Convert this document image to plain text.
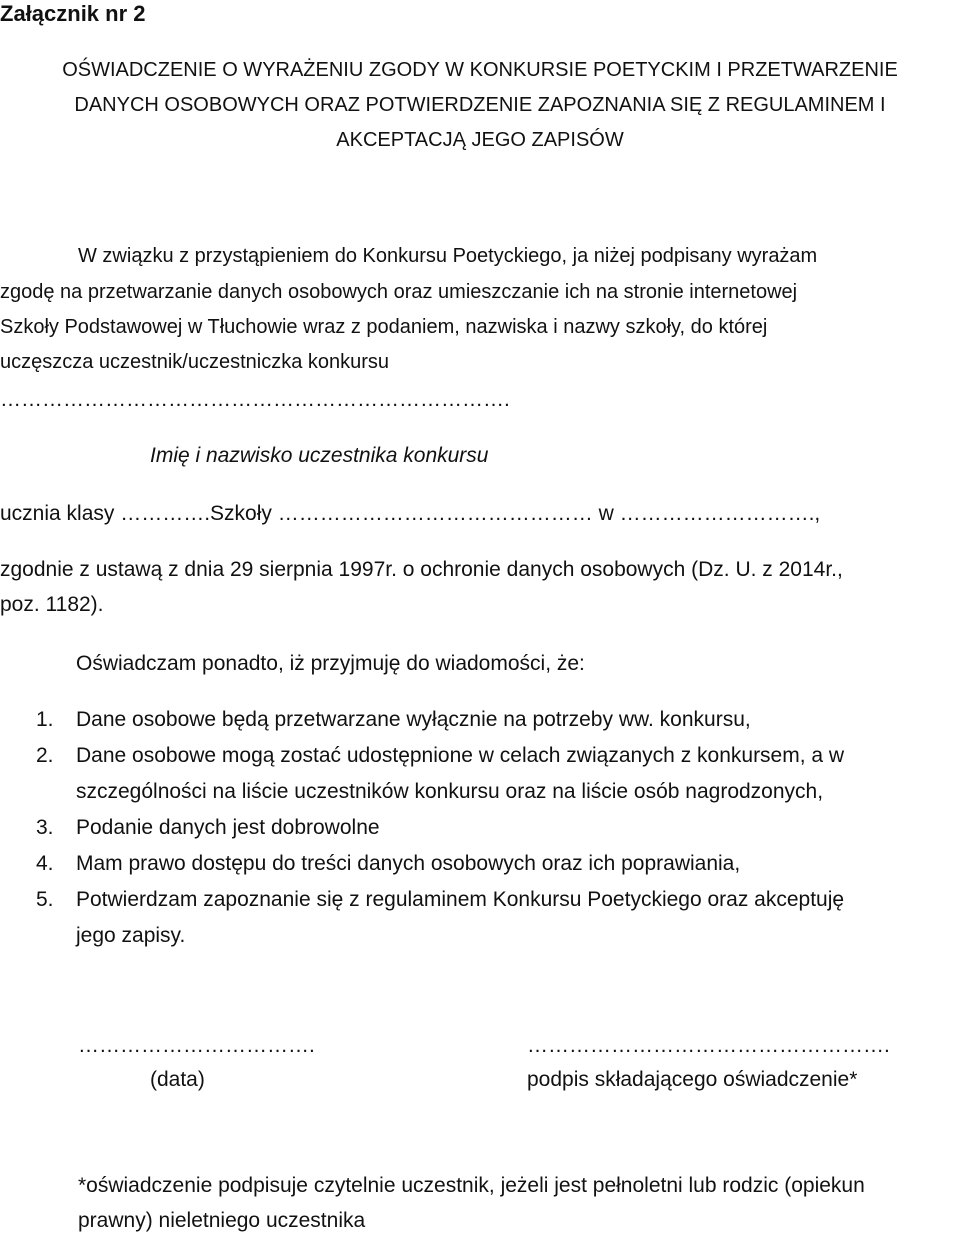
Załącznik nr 2
OŚWIADCZENIE O WYRAŻENIU ZGODY W KONKURSIE POETYCKIM I PRZETWARZENIE
DANYCH OSOBOWYCH ORAZ POTWIERDZENIE ZAPOZNANIA SIĘ Z REGULAMINEM I
AKCEPTACJĄ JEGO ZAPISÓW
W związku z przystąpieniem do Konkursu Poetyckiego, ja niżej podpisany wyrażam
zgodę na przetwarzanie danych osobowych oraz umieszczanie ich na stronie internetowej
Szkoły Podstawowej w Tłuchowie wraz z podaniem, nazwiska i nazwy szkoły, do której
uczęszcza uczestnik/uczestniczka konkursu
……………………………………………………………….
Imię i nazwisko uczestnika konkursu
ucznia klasy ………….Szkoły ……………………………………… w ……………………….,
zgodnie z ustawą z dnia 29 sierpnia 1997r. o ochronie danych osobowych (Dz. U. z 2014r.,
poz. 1182).
Oświadczam ponadto, iż przyjmuję do wiadomości, że:
1. Dane osobowe będą przetwarzane wyłącznie na potrzeby ww. konkursu,
2. Dane osobowe mogą zostać udostępnione w celach związanych z konkursem, a w
szczególności na liście uczestników konkursu oraz na liście osób nagrodzonych,
3. Podanie danych jest dobrowolne
4. Mam prawo dostępu do treści danych osobowych oraz ich poprawiania,
5. Potwierdzam zapoznanie się z regulaminem Konkursu Poetyckiego oraz akceptuję
jego zapisy.
…………………………….	…………………………………………….
(data)	podpis składającego oświadczenie*
*oświadczenie podpisuje czytelnie uczestnik, jeżeli jest pełnoletni lub rodzic (opiekun
prawny) nieletniego uczestnika
